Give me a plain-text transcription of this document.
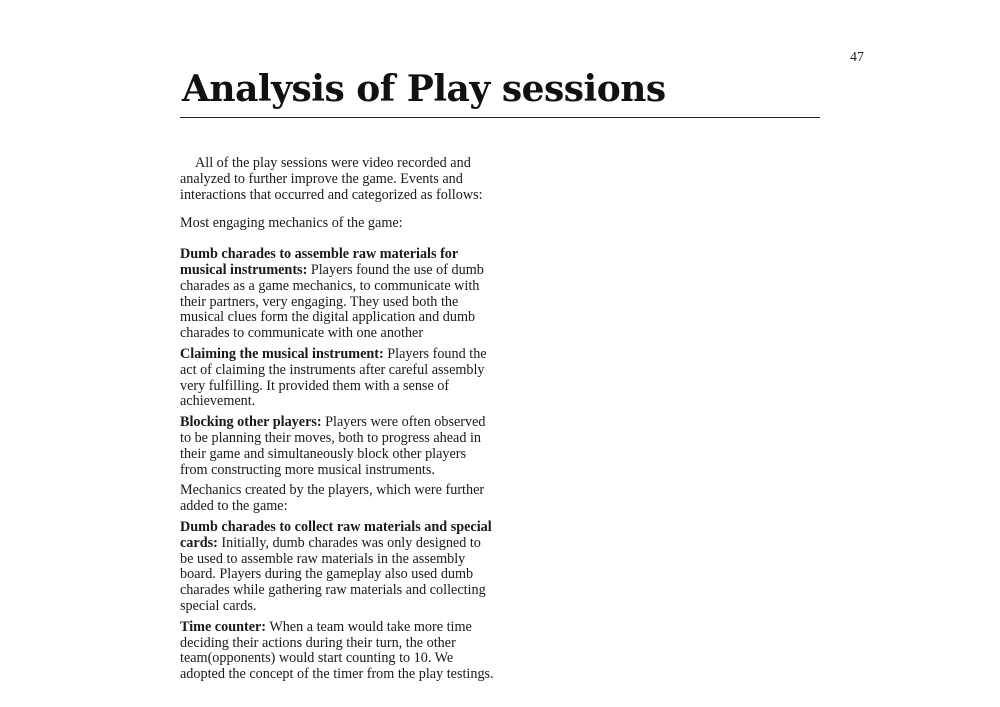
47
Analysis of Play sessions

All of the play sessions were video recorded and analyzed to further improve the game. Events and interactions that occurred and categorized as follows:

Most engaging mechanics of the game:

Dumb charades to assemble raw materials for musical instruments: Players found the use of dumb charades as a game mechanics, to communicate with their partners, very engaging. They used both the musical clues form the digital application and dumb charades to communicate with one another

Claiming the musical instrument: Players found the act of claiming the instruments after careful assembly very fulfilling. It provided them with a sense of achievement.

Blocking other players: Players were often observed to be planning their moves, both to progress ahead in their game and simultaneously block other players from constructing more musical instruments.

Mechanics created by the players, which were further added to the game:

Dumb charades to collect raw materials and special cards: Initially, dumb charades was only designed to be used to assemble raw materials in the assembly board. Players during the gameplay also used dumb charades while gathering raw materials and collecting special cards.

Time counter: When a team would take more time deciding their actions during their turn, the other team(opponents) would start counting to 10. We adopted the concept of the timer from the play testings.
